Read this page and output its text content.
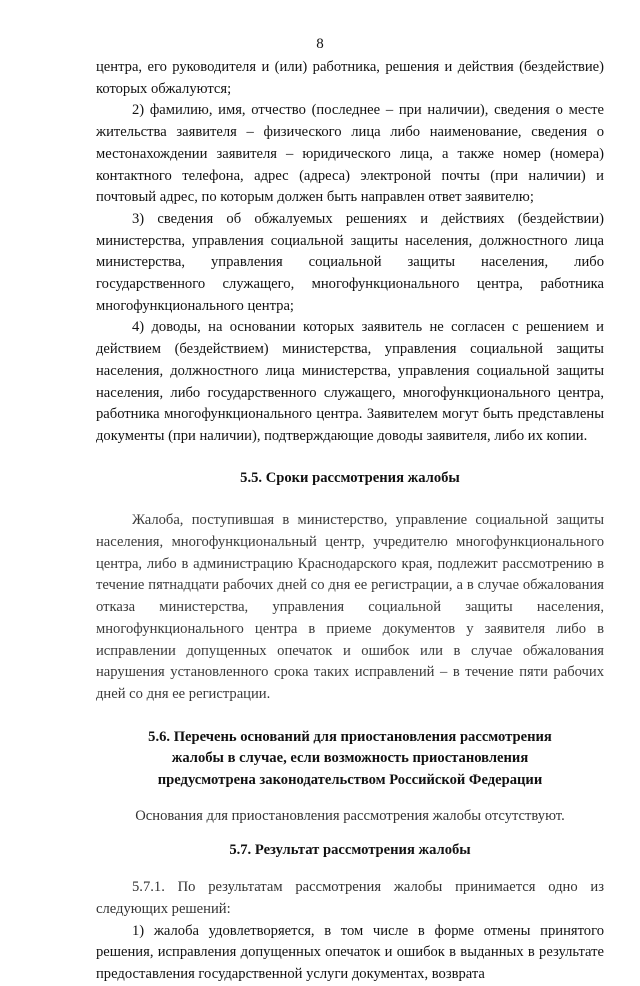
8

центра, его руководителя и (или) работника, решения и действия (бездействие) которых обжалуются;

2) фамилию, имя, отчество (последнее – при наличии), сведения о месте жительства заявителя – физического лица либо наименование, сведения о местонахождении заявителя – юридического лица, а также номер (номера) контактного телефона, адрес (адреса) электроной почты (при наличии) и почтовый адрес, по которым должен быть направлен ответ заявителю;

3) сведения об обжалуемых решениях и действиях (бездействии) министерства, управления социальной защиты населения, должностного лица министерства, управления социальной защиты населения, либо государственного служащего, многофункционального центра, работника многофункционального центра;

4) доводы, на основании которых заявитель не согласен с решением и действием (бездействием) министерства, управления социальной защиты населения, должностного лица министерства, управления социальной защиты населения, либо государственного служащего, многофункционального центра, работника многофункционального центра. Заявителем могут быть представлены документы (при наличии), подтверждающие доводы заявителя, либо их копии.

5.5. Сроки рассмотрения жалобы

Жалоба, поступившая в министерство, управление социальной защиты населения, многофункциональный центр, учредителю многофункционального центра, либо в администрацию Краснодарского края, подлежит рассмотрению в течение пятнадцати рабочих дней со дня ее регистрации, а в случае обжалования отказа министерства, управления социальной защиты населения, многофункционального центра в приеме документов у заявителя либо в исправлении допущенных опечаток и ошибок или в случае обжалования нарушения установленного срока таких исправлений – в течение пяти рабочих дней со дня ее регистрации.

5.6. Перечень оснований для приостановления рассмотрения
жалобы в случае, если возможность приостановления
предусмотрена законодательством Российской Федерации

Основания для приостановления рассмотрения жалобы отсутствуют.

5.7. Результат рассмотрения жалобы

5.7.1. По результатам рассмотрения жалобы принимается одно из следующих решений:

1) жалоба удовлетворяется, в том числе в форме отмены принятого решения, исправления допущенных опечаток и ошибок в выданных в результате предоставления государственной услуги документах, возврата
